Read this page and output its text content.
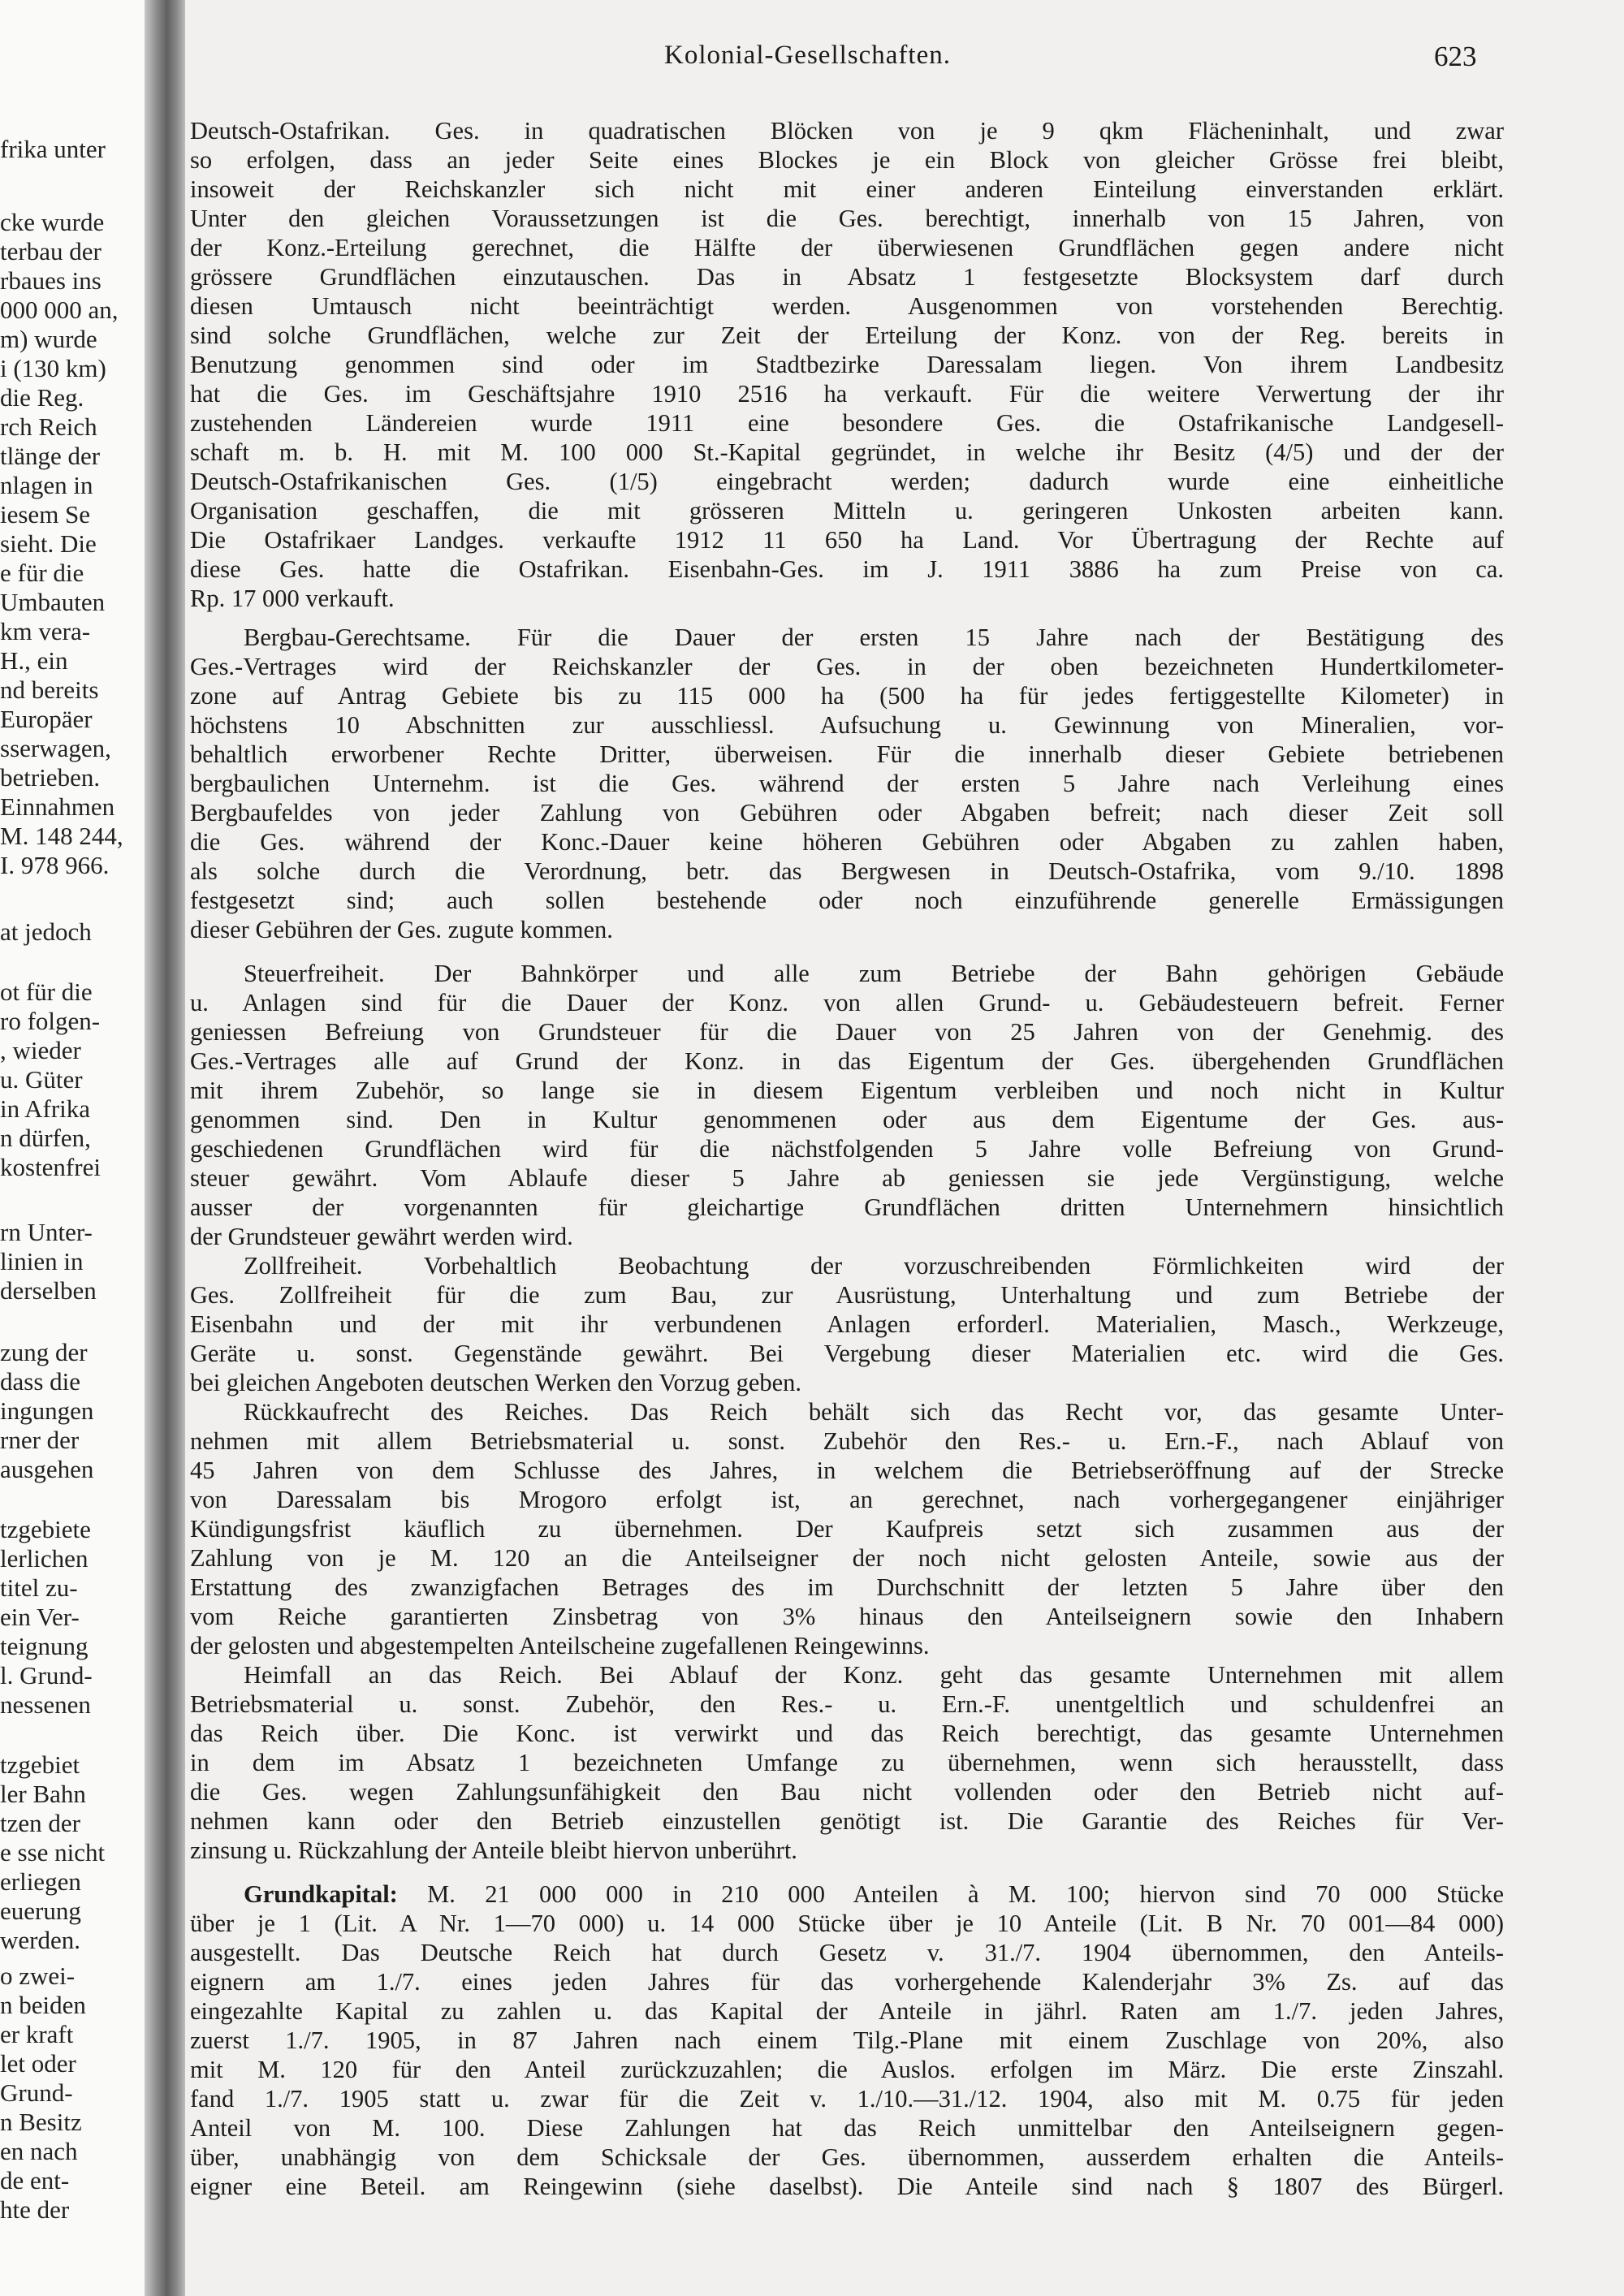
frika unter
cke wurde
terbau der
rbaues ins
000 000 an,
m) wurde
i (130 km)
die Reg.
rch Reich
tlänge der
nlagen in
iesem Se
sieht. Die
e für die
Umbauten
km vera-
H., ein
nd bereits
Europäer
sserwagen,
betrieben.
Einnahmen
M. 148 244,
I. 978 966.
at jedoch
ot für die
ro folgen-
, wieder
u. Güter
in Afrika
n dürfen,
kostenfrei
rn Unter-
linien in
derselben
zung der
dass die
ingungen
rner der
ausgehen
tzgebiete
lerlichen
titel zu-
ein Ver-
teignung
l. Grund-
nessenen
tzgebiet
ler Bahn
tzen der
e sse nicht
erliegen
euerung
werden.
o zwei-
n beiden
er kraft
let oder
Grund-
n Besitz
en nach
de ent-
hte der
Kolonial-Gesellschaften.	623
Deutsch-Ostafrikan. Ges. in quadratischen Blöcken von je 9 qkm Flächeninhalt, und zwar
so erfolgen, dass an jeder Seite eines Blockes je ein Block von gleicher Grösse frei bleibt,
insoweit der Reichskanzler sich nicht mit einer anderen Einteilung einverstanden erklärt.
Unter den gleichen Voraussetzungen ist die Ges. berechtigt, innerhalb von 15 Jahren, von
der Konz.-Erteilung gerechnet, die Hälfte der überwiesenen Grundflächen gegen andere nicht
grössere Grundflächen einzutauschen. Das in Absatz 1 festgesetzte Blocksystem darf durch
diesen Umtausch nicht beeinträchtigt werden. Ausgenommen von vorstehenden Berechtig.
sind solche Grundflächen, welche zur Zeit der Erteilung der Konz. von der Reg. bereits in
Benutzung genommen sind oder im Stadtbezirke Daressalam liegen. Von ihrem Landbesitz
hat die Ges. im Geschäftsjahre 1910 2516 ha verkauft. Für die weitere Verwertung der ihr
zustehenden Ländereien wurde 1911 eine besondere Ges. die Ostafrikanische Landgesell-
schaft m. b. H. mit M. 100 000 St.-Kapital gegründet, in welche ihr Besitz (4/5) und der der
Deutsch-Ostafrikanischen Ges. (1/5) eingebracht werden; dadurch wurde eine einheitliche
Organisation geschaffen, die mit grösseren Mitteln u. geringeren Unkosten arbeiten kann.
Die Ostafrikaer Landges. verkaufte 1912 11 650 ha Land. Vor Übertragung der Rechte auf
diese Ges. hatte die Ostafrikan. Eisenbahn-Ges. im J. 1911 3886 ha zum Preise von ca.
Rp. 17 000 verkauft.
Bergbau-Gerechtsame. Für die Dauer der ersten 15 Jahre nach der Bestätigung des
Ges.-Vertrages wird der Reichskanzler der Ges. in der oben bezeichneten Hundertkilometer-
zone auf Antrag Gebiete bis zu 115 000 ha (500 ha für jedes fertiggestellte Kilometer) in
höchstens 10 Abschnitten zur ausschliessl. Aufsuchung u. Gewinnung von Mineralien, vor-
behaltlich erworbener Rechte Dritter, überweisen. Für die innerhalb dieser Gebiete betriebenen
bergbaulichen Unternehm. ist die Ges. während der ersten 5 Jahre nach Verleihung eines
Bergbaufeldes von jeder Zahlung von Gebühren oder Abgaben befreit; nach dieser Zeit soll
die Ges. während der Konc.-Dauer keine höheren Gebühren oder Abgaben zu zahlen haben,
als solche durch die Verordnung, betr. das Bergwesen in Deutsch-Ostafrika, vom 9./10. 1898
festgesetzt sind; auch sollen bestehende oder noch einzuführende generelle Ermässigungen
dieser Gebühren der Ges. zugute kommen.
Steuerfreiheit. Der Bahnkörper und alle zum Betriebe der Bahn gehörigen Gebäude
u. Anlagen sind für die Dauer der Konz. von allen Grund- u. Gebäudesteuern befreit. Ferner
geniessen Befreiung von Grundsteuer für die Dauer von 25 Jahren von der Genehmig. des
Ges.-Vertrages alle auf Grund der Konz. in das Eigentum der Ges. übergehenden Grundflächen
mit ihrem Zubehör, so lange sie in diesem Eigentum verbleiben und noch nicht in Kultur
genommen sind. Den in Kultur genommenen oder aus dem Eigentume der Ges. aus-
geschiedenen Grundflächen wird für die nächstfolgenden 5 Jahre volle Befreiung von Grund-
steuer gewährt. Vom Ablaufe dieser 5 Jahre ab geniessen sie jede Vergünstigung, welche
ausser der vorgenannten für gleichartige Grundflächen dritten Unternehmern hinsichtlich
der Grundsteuer gewährt werden wird.
Zollfreiheit. Vorbehaltlich Beobachtung der vorzuschreibenden Förmlichkeiten wird der
Ges. Zollfreiheit für die zum Bau, zur Ausrüstung, Unterhaltung und zum Betriebe der
Eisenbahn und der mit ihr verbundenen Anlagen erforderl. Materialien, Masch., Werkzeuge,
Geräte u. sonst. Gegenstände gewährt. Bei Vergebung dieser Materialien etc. wird die Ges.
bei gleichen Angeboten deutschen Werken den Vorzug geben.
Rückkaufrecht des Reiches. Das Reich behält sich das Recht vor, das gesamte Unter-
nehmen mit allem Betriebsmaterial u. sonst. Zubehör den Res.- u. Ern.-F., nach Ablauf von
45 Jahren von dem Schlusse des Jahres, in welchem die Betriebseröffnung auf der Strecke
von Daressalam bis Mrogoro erfolgt ist, an gerechnet, nach vorhergegangener einjähriger
Kündigungsfrist käuflich zu übernehmen. Der Kaufpreis setzt sich zusammen aus der
Zahlung von je M. 120 an die Anteilseigner der noch nicht gelosten Anteile, sowie aus der
Erstattung des zwanzigfachen Betrages des im Durchschnitt der letzten 5 Jahre über den
vom Reiche garantierten Zinsbetrag von 3% hinaus den Anteilseignern sowie den Inhabern
der gelosten und abgestempelten Anteilscheine zugefallenen Reingewinns.
Heimfall an das Reich. Bei Ablauf der Konz. geht das gesamte Unternehmen mit allem
Betriebsmaterial u. sonst. Zubehör, den Res.- u. Ern.-F. unentgeltlich und schuldenfrei an
das Reich über. Die Konc. ist verwirkt und das Reich berechtigt, das gesamte Unternehmen
in dem im Absatz 1 bezeichneten Umfange zu übernehmen, wenn sich herausstellt, dass
die Ges. wegen Zahlungsunfähigkeit den Bau nicht vollenden oder den Betrieb nicht auf-
nehmen kann oder den Betrieb einzustellen genötigt ist. Die Garantie des Reiches für Ver-
zinsung u. Rückzahlung der Anteile bleibt hiervon unberührt.
Grundkapital: M. 21 000 000 in 210 000 Anteilen à M. 100; hiervon sind 70 000 Stücke
über je 1 (Lit. A Nr. 1—70 000) u. 14 000 Stücke über je 10 Anteile (Lit. B Nr. 70 001—84 000)
ausgestellt. Das Deutsche Reich hat durch Gesetz v. 31./7. 1904 übernommen, den Anteils-
eignern am 1./7. eines jeden Jahres für das vorhergehende Kalenderjahr 3% Zs. auf das
eingezahlte Kapital zu zahlen u. das Kapital der Anteile in jährl. Raten am 1./7. jeden Jahres,
zuerst 1./7. 1905, in 87 Jahren nach einem Tilg.-Plane mit einem Zuschlage von 20%, also
mit M. 120 für den Anteil zurückzuzahlen; die Auslos. erfolgen im März. Die erste Zinszahl.
fand 1./7. 1905 statt u. zwar für die Zeit v. 1./10.—31./12. 1904, also mit M. 0.75 für jeden
Anteil von M. 100. Diese Zahlungen hat das Reich unmittelbar den Anteilseignern gegen-
über, unabhängig von dem Schicksale der Ges. übernommen, ausserdem erhalten die Anteils-
eigner eine Beteil. am Reingewinn (siehe daselbst). Die Anteile sind nach § 1807 des Bürgerl.
